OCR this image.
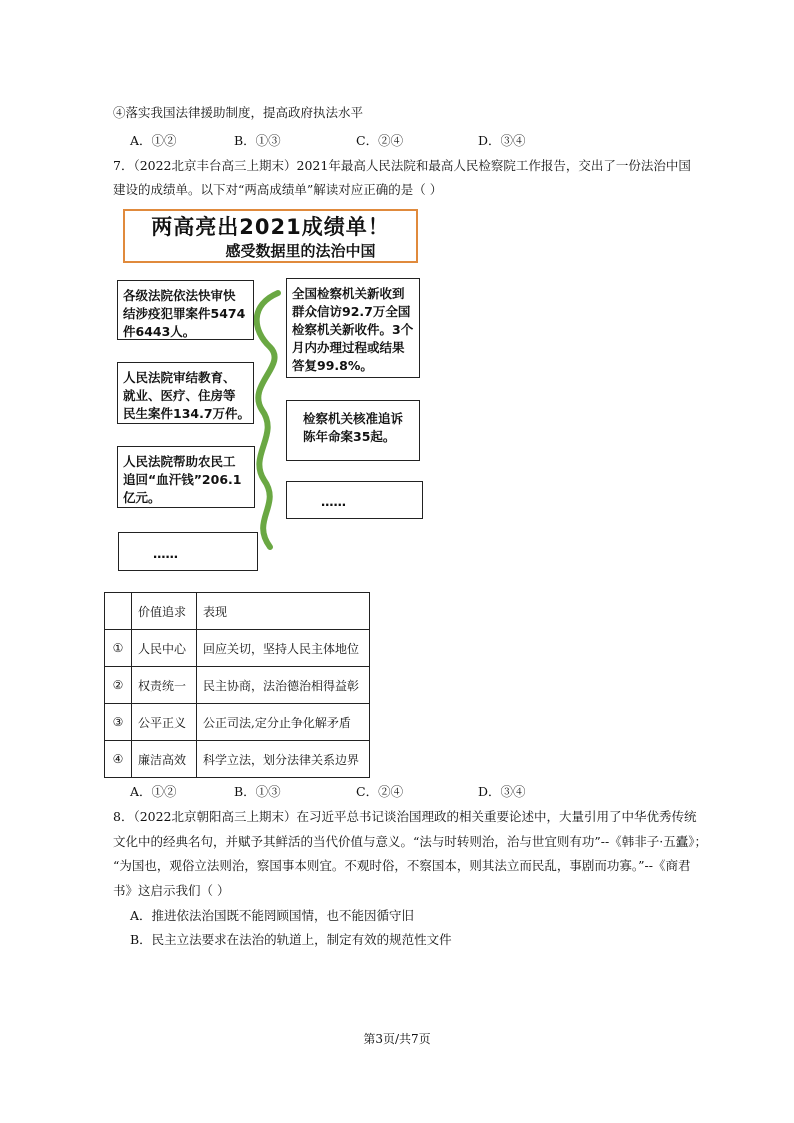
④落实我国法律援助制度，提高政府执法水平
A．①②	B．①③	C．②④	D．③④
7．（2022北京丰台高三上期末）2021年最高人民法院和最高人民检察院工作报告，交出了一份法治中国
建设的成绩单。以下对“两高成绩单”解读对应正确的是（ ）
两高亮出2021成绩单！
感受数据里的法治中国
各级法院依法快审快
结涉疫犯罪案件5474
件6443人。
人民法院审结教育、
就业、医疗、住房等
民生案件134.7万件。
人民法院帮助农民工
追回“血汗钱”206.1
亿元。
……
全国检察机关新收到
群众信访92.7万全国
检察机关新收件。3个
月内办理过程或结果
答复99.8%。
检察机关核准追诉
陈年命案35起。
……
	价值追求	表现
①	人民中心	回应关切，坚持人民主体地位
②	权责统一	民主协商，法治德治相得益彰
③	公平正义	公正司法,定分止争化解矛盾
④	廉洁高效	科学立法，划分法律关系边界
A．①②	B．①③	C．②④	D．③④
8．（2022北京朝阳高三上期末）在习近平总书记谈治国理政的相关重要论述中，大量引用了中华优秀传统
文化中的经典名句，并赋予其鲜活的当代价值与意义。“法与时转则治，治与世宜则有功”--《韩非子·五蠹》；
“为国也，观俗立法则治，察国事本则宜。不观时俗，不察国本，则其法立而民乱，事剧而功寡。”--《商君
书》这启示我们（ ）
A．推进依法治国既不能罔顾国情，也不能因循守旧
B．民主立法要求在法治的轨道上，制定有效的规范性文件
第3页/共7页
